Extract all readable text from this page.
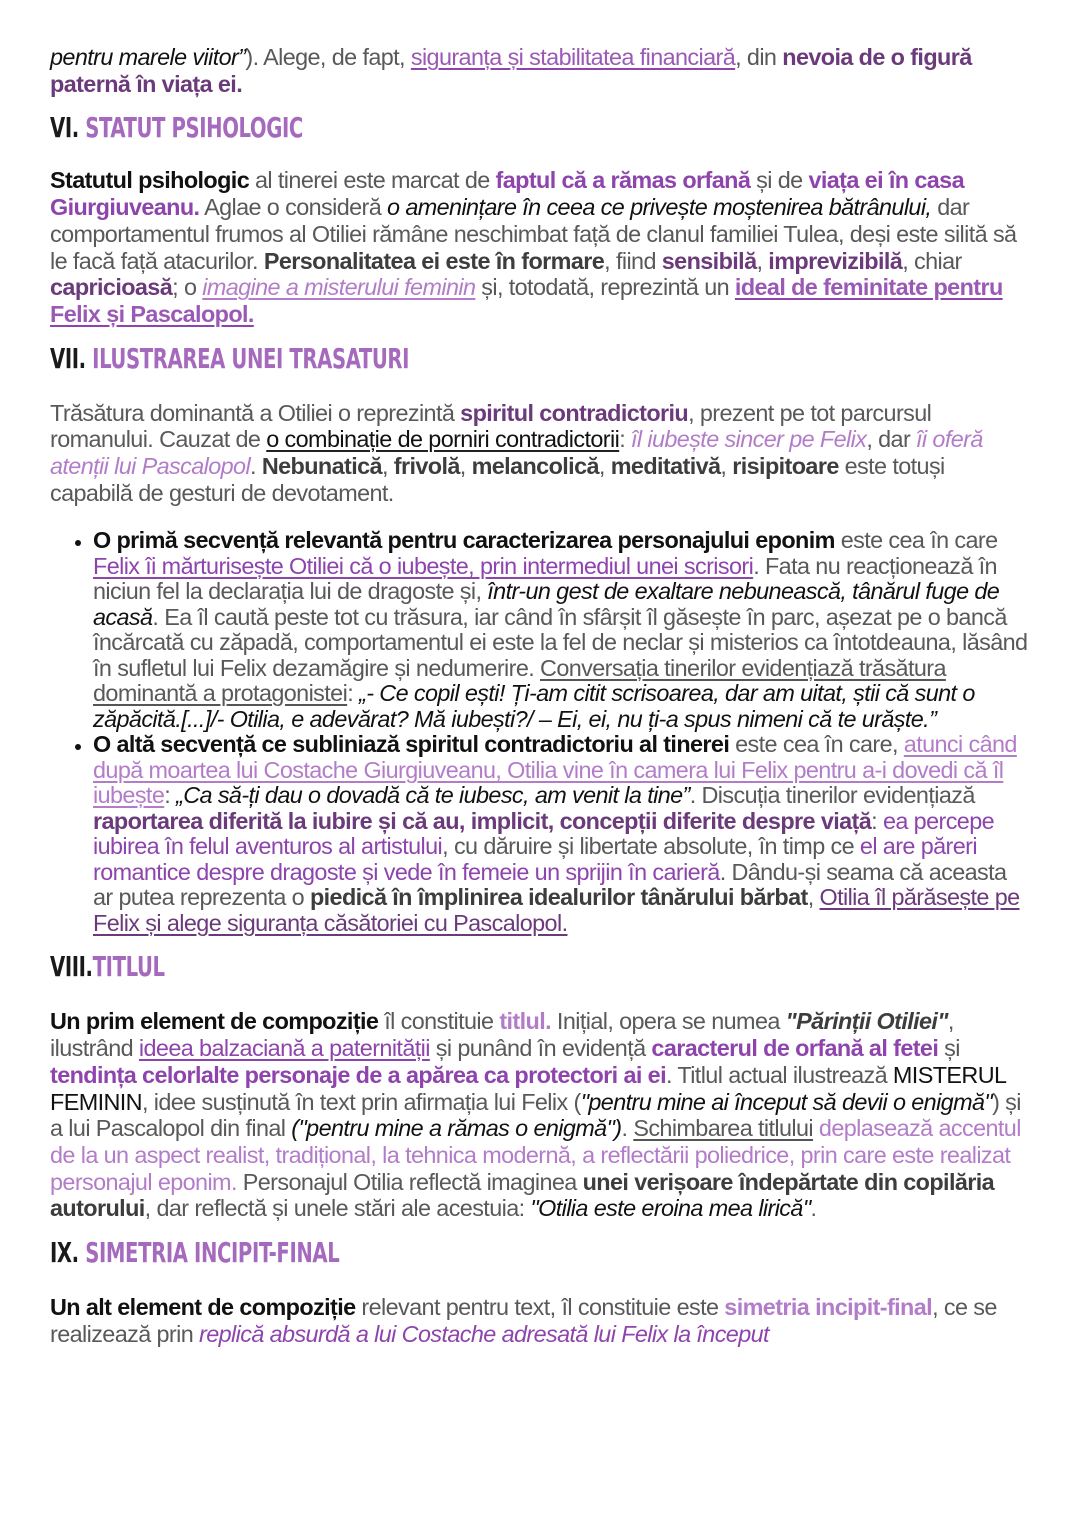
pentru marele viitor”). Alege, de fapt, siguranța și stabilitatea financiară, din nevoia de o figură paternă în viața ei.

VI. STATUT PSIHOLOGIC

Statutul psihologic al tinerei este marcat de faptul că a rămas orfană și de viața ei în casa Giurgiuveanu. Aglae o consideră o amenințare în ceea ce privește moștenirea bătrânului, dar comportamentul frumos al Otiliei rămâne neschimbat față de clanul familiei Tulea, deși este silită să le facă față atacurilor. Personalitatea ei este în formare, fiind sensibilă, imprevizibilă, chiar capricioasă; o imagine a misterului feminin și, totodată, reprezintă un ideal de feminitate pentru Felix și Pascalopol.

VII. ILUSTRAREA UNEI TRASATURI

Trăsătura dominantă a Otiliei o reprezintă spiritul contradictoriu, prezent pe tot parcursul romanului. Cauzat de o combinație de porniri contradictorii: îl iubește sincer pe Felix, dar îi oferă atenții lui Pascalopol. Nebunatică, frivolă, melancolică, meditativă, risipitoare este totuși capabilă de gesturi de devotament.

• O primă secvență relevantă pentru caracterizarea personajului eponim este cea în care Felix îi mărturisește Otiliei că o iubește, prin intermediul unei scrisori. Fata nu reacționează în niciun fel la declarația lui de dragoste și, într-un gest de exaltare nebunească, tânărul fuge de acasă. Ea îl caută peste tot cu trăsura, iar când în sfârșit îl găsește în parc, așezat pe o bancă încărcată cu zăpadă, comportamentul ei este la fel de neclar și misterios ca întotdeauna, lăsând în sufletul lui Felix dezamăgire și nedumerire. Conversația tinerilor evidențiază trăsătura dominantă a protagonistei: „- Ce copil ești! Ți-am citit scrisoarea, dar am uitat, știi că sunt o zăpăcită.[...]/- Otilia, e adevărat? Mă iubești?/ – Ei, ei, nu ți-a spus nimeni că te urăște.”
• O altă secvență ce subliniază spiritul contradictoriu al tinerei este cea în care, atunci când după moartea lui Costache Giurgiuveanu, Otilia vine în camera lui Felix pentru a-i dovedi că îl iubește: „Ca să-ți dau o dovadă că te iubesc, am venit la tine”. Discuția tinerilor evidențiază raportarea diferită la iubire și că au, implicit, concepții diferite despre viață: ea percepe iubirea în felul aventuros al artistului, cu dăruire și libertate absolute, în timp ce el are păreri romantice despre dragoste și vede în femeie un sprijin în carieră. Dându-și seama că aceasta ar putea reprezenta o piedică în împlinirea idealurilor tânărului bărbat, Otilia îl părăsește pe Felix și alege siguranța căsătoriei cu Pascalopol.
VIII.TITLUL

Un prim element de compoziție îl constituie titlul. Inițial, opera se numea "Părinții Otiliei", ilustrând ideea balzaciană a paternității și punând în evidență caracterul de orfană al fetei și tendința celorlalte personaje de a apărea ca protectori ai ei. Titlul actual ilustrează MISTERUL FEMININ, idee susținută în text prin afirmația lui Felix ("pentru mine ai început să devii o enigmă") și a lui Pascalopol din final ("pentru mine a rămas o enigmă"). Schimbarea titlului deplasează accentul de la un aspect realist, tradițional, la tehnica modernă, a reflectării poliedrice, prin care este realizat personajul eponim. Personajul Otilia reflectă imaginea unei verișoare îndepărtate din copilăria autorului, dar reflectă și unele stări ale acestuia: "Otilia este eroina mea lirică".

IX. SIMETRIA INCIPIT-FINAL

Un alt element de compoziție relevant pentru text, îl constituie este simetria incipit-final, ce se realizează prin replică absurdă a lui Costache adresată lui Felix la început
